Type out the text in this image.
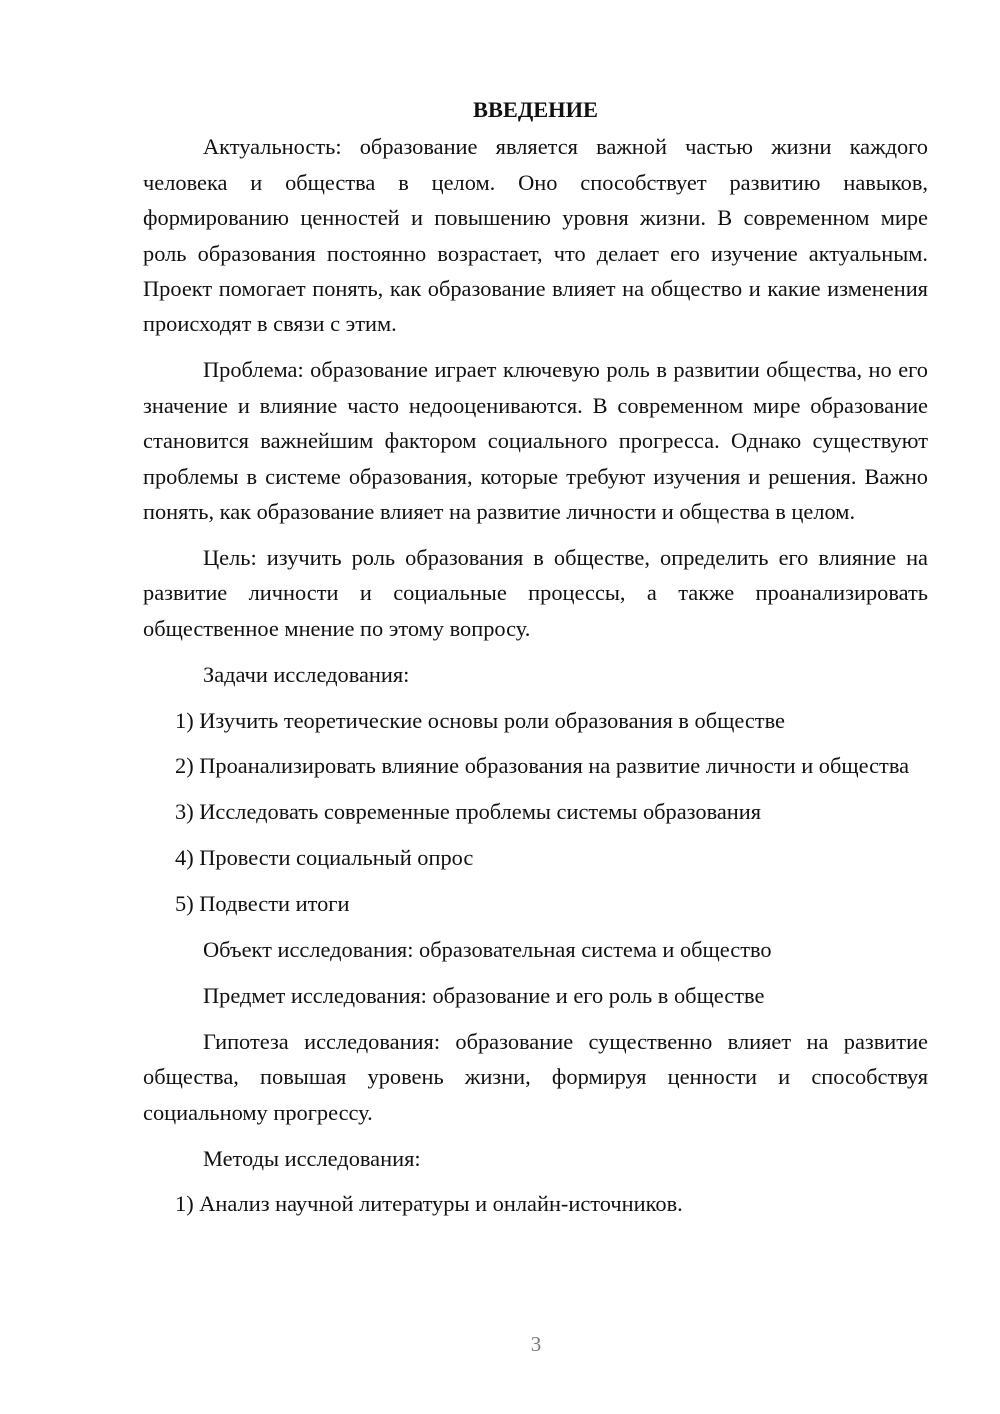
ВВЕДЕНИЕ

Актуальность: образование является важной частью жизни каждого человека и общества в целом. Оно способствует развитию навыков, формированию ценностей и повышению уровня жизни. В современном мире роль образования постоянно возрастает, что делает его изучение актуальным. Проект помогает понять, как образование влияет на общество и какие изменения происходят в связи с этим.

Проблема: образование играет ключевую роль в развитии общества, но его значение и влияние часто недооцениваются. В современном мире образование становится важнейшим фактором социального прогресса. Однако существуют проблемы в системе образования, которые требуют изучения и решения. Важно понять, как образование влияет на развитие личности и общества в целом.

Цель: изучить роль образования в обществе, определить его влияние на развитие личности и социальные процессы, а также проанализировать общественное мнение по этому вопросу.

Задачи исследования:

1) Изучить теоретические основы роли образования в обществе

2) Проанализировать влияние образования на развитие личности и общества

3) Исследовать современные проблемы системы образования

4) Провести социальный опрос

5) Подвести итоги

Объект исследования: образовательная система и общество

Предмет исследования: образование и его роль в обществе

Гипотеза исследования: образование существенно влияет на развитие общества, повышая уровень жизни, формируя ценности и способствуя социальному прогрессу.

Методы исследования:

1) Анализ научной литературы и онлайн-источников.

3
